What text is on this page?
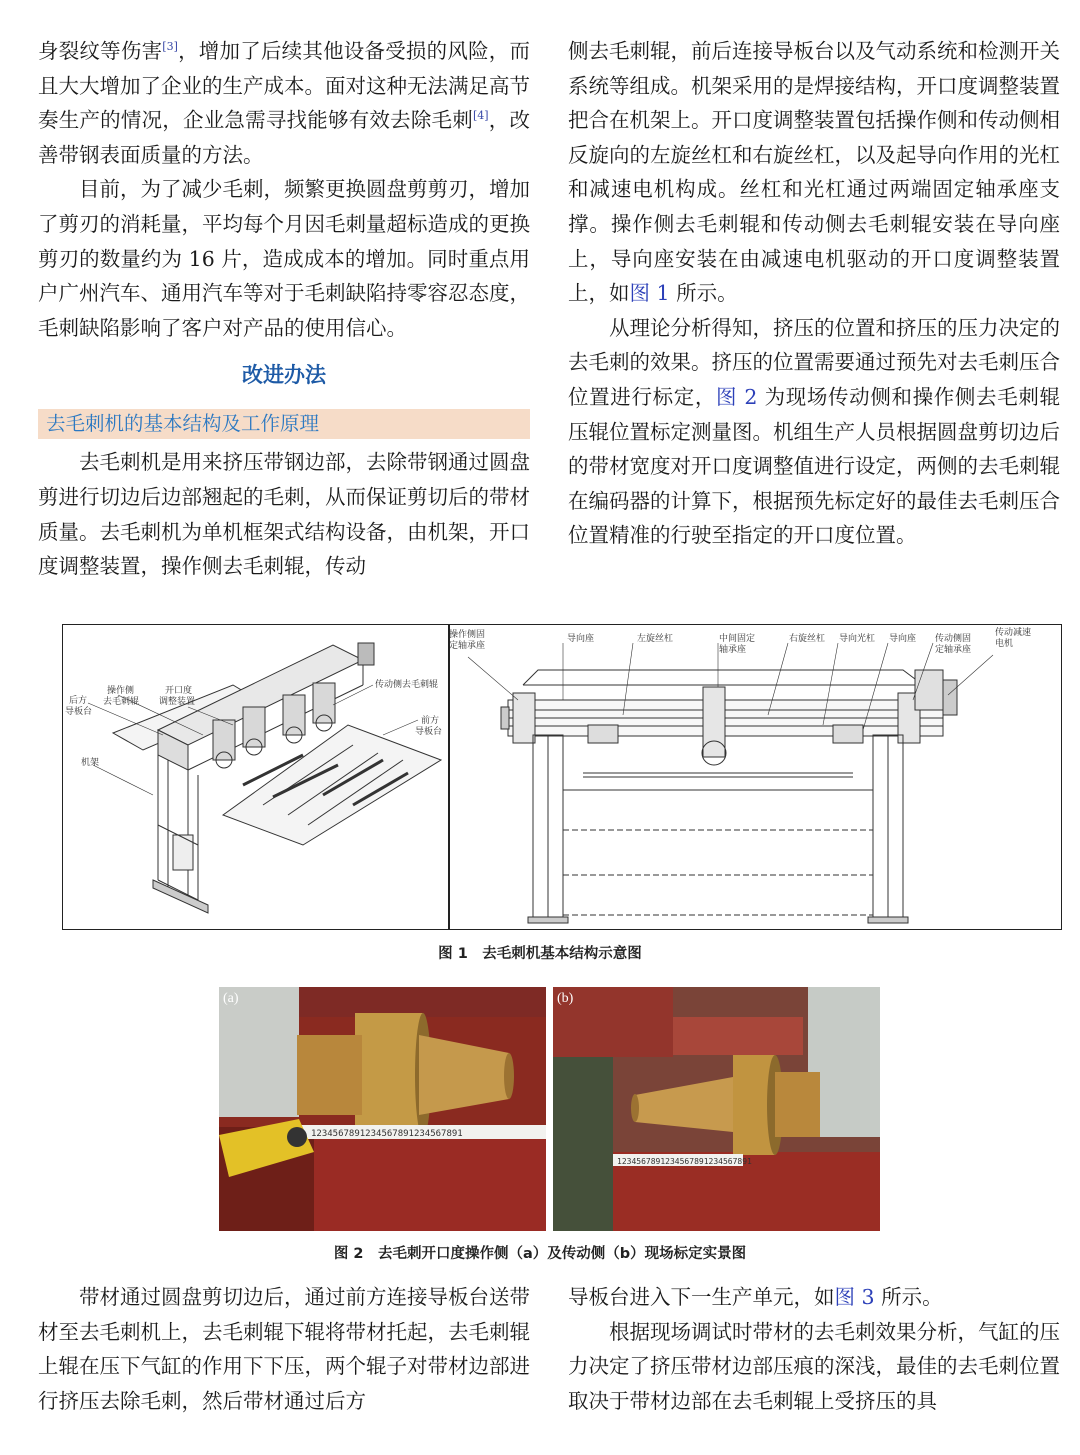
身裂纹等伤害[3]，增加了后续其他设备受损的风险，而且大大增加了企业的生产成本。面对这种无法满足高节奏生产的情况，企业急需寻找能够有效去除毛刺[4]，改善带钢表面质量的方法。

目前，为了减少毛刺，频繁更换圆盘剪剪刃，增加了剪刃的消耗量，平均每个月因毛刺量超标造成的更换剪刃的数量约为 16 片，造成成本的增加。同时重点用户广州汽车、通用汽车等对于毛刺缺陷持零容忍态度，毛刺缺陷影响了客户对产品的使用信心。

改进办法
去毛刺机的基本结构及工作原理

去毛刺机是用来挤压带钢边部，去除带钢通过圆盘剪进行切边后边部翘起的毛刺，从而保证剪切后的带材质量。去毛刺机为单机框架式结构设备，由机架，开口度调整装置，操作侧去毛刺辊，传动

侧去毛刺辊，前后连接导板台以及气动系统和检测开关系统等组成。机架采用的是焊接结构，开口度调整装置把合在机架上。开口度调整装置包括操作侧和传动侧相反旋向的左旋丝杠和右旋丝杠，以及起导向作用的光杠和减速电机构成。丝杠和光杠通过两端固定轴承座支撑。操作侧去毛刺辊和传动侧去毛刺辊安装在导向座上，导向座安装在由减速电机驱动的开口度调整装置上，如图 1 所示。

从理论分析得知，挤压的位置和挤压的压力决定的去毛刺的效果。挤压的位置需要通过预先对去毛刺压合位置进行标定，图 2 为现场传动侧和操作侧去毛刺辊压辊位置标定测量图。机组生产人员根据圆盘剪切边后的带材宽度对开口度调整值进行设定，两侧的去毛刺辊在编码器的计算下，根据预先标定好的最佳去毛刺压合位置精准的行驶至指定的开口度位置。

后方导板台
操作侧去毛刺辊
开口度调整装置
传动侧去毛刺辊
前方导板台
机架
操作侧固定轴承座
导向座	左旋丝杠	中间固定轴承座
右旋丝杠 导向光杠 导向座 传动侧固定轴承座
传动减速电机
图 1　去毛刺机基本结构示意图
1234567891234567891234567891
(a)
1234567891234567891234567891
(b)
图 2　去毛刺开口度操作侧（a）及传动侧（b）现场标定实景图

带材通过圆盘剪切边后，通过前方连接导板台送带材至去毛刺机上，去毛刺辊下辊将带材托起，去毛刺辊上辊在压下气缸的作用下下压，两个辊子对带材边部进行挤压去除毛刺，然后带材通过后方

导板台进入下一生产单元，如图 3 所示。

根据现场调试时带材的去毛刺效果分析，气缸的压力决定了挤压带材边部压痕的深浅，最佳的去毛刺位置取决于带材边部在去毛刺辊上受挤压的具
